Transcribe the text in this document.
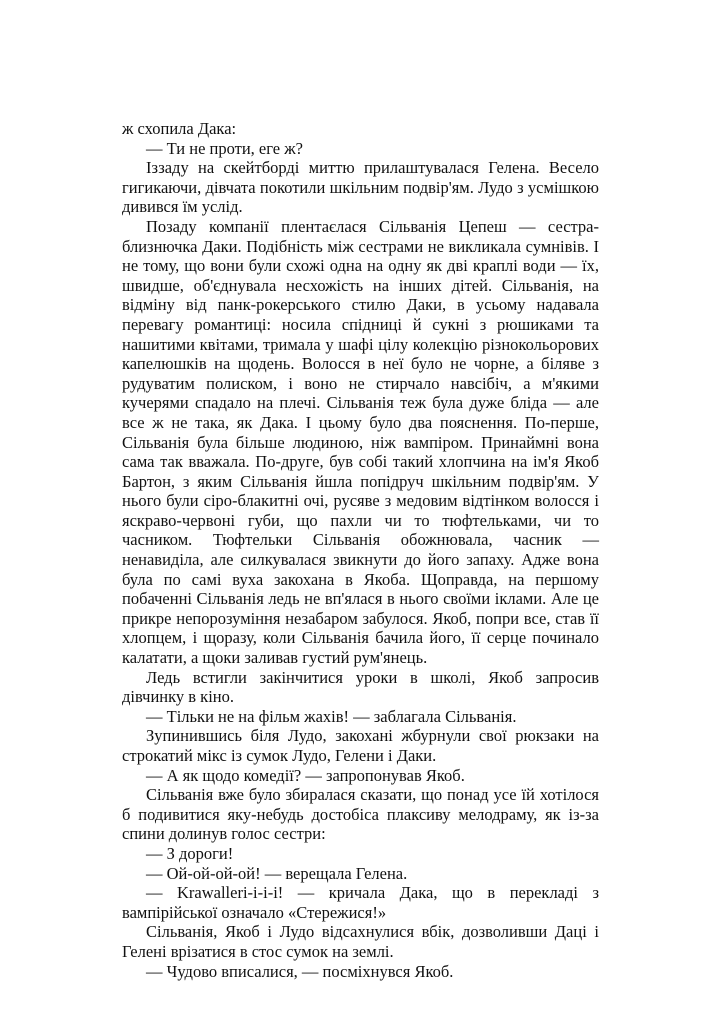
ж схопила Дака:

— Ти не проти, еге ж?

Іззаду на скейтборді миттю прилаштувалася Гелена. Весело гигикаючи, дівчата покотили шкільним подвір'ям. Лудо з усмішкою дивився їм услід.

Позаду компанії плентаєлася Сільванія Цепеш — сестра-близнючка Даки. Подібність між сестрами не викликала сумнівів. І не тому, що вони були схожі одна на одну як дві краплі води — їх, швидше, об'єднувала несхожість на інших дітей. Сільванія, на відміну від панк-рокерського стилю Даки, в усьому надавала перевагу романтиці: носила спідниці й сукні з рюшиками та нашитими квітами, тримала у шафі цілу колекцію різнокольорових капелюшків на щодень. Волосся в неї було не чорне, а біляве з рудуватим полиском, і воно не стирчало навсібіч, а м'якими кучерями спадало на плечі. Сільванія теж була дуже бліда — але все ж не така, як Дака. І цьому було два пояснення. По-перше, Сільванія була більше людиною, ніж вампіром. Принаймні вона сама так вважала. По-друге, був собі такий хлопчина на ім'я Якоб Бартон, з яким Сільванія йшла попідруч шкільним подвір'ям. У нього були сіро-блакитні очі, русяве з медовим відтінком волосся і яскраво-червоні губи, що пахли чи то тюфтельками, чи то часником. Тюфтельки Сільванія обожнювала, часник — ненавиділа, але силкувалася звикнути до його запаху. Адже вона була по самі вуха закохана в Якоба. Щоправда, на першому побаченні Сільванія ледь не вп'ялася в нього своїми іклами. Але це прикре непорозуміння незабаром забулося. Якоб, попри все, став її хлопцем, і щоразу, коли Сільванія бачила його, її серце починало калатати, а щоки заливав густий рум'янець.

Ледь встигли закінчитися уроки в школі, Якоб запросив дівчинку в кіно.

— Тільки не на фільм жахів! — заблагала Сільванія.

Зупинившись біля Лудо, закохані жбурнули свої рюкзаки на строкатий мікс із сумок Лудо, Гелени і Даки.

— А як щодо комедії? — запропонував Якоб.

Сільванія вже було збиралася сказати, що понад усе їй хотілося б подивитися яку-небудь достобіса плаксиву мелодраму, як із-за спини долинув голос сестри:

— З дороги!

— Ой-ой-ой-ой! — верещала Гелена.

— Krawalleri-i-i-i! — кричала Дака, що в перекладі з вампірійської означало «Стережися!»

Сільванія, Якоб і Лудо відсахнулися вбік, дозволивши Даці і Гелені врізатися в стос сумок на землі.

— Чудово вписалися, — посміхнувся Якоб.
